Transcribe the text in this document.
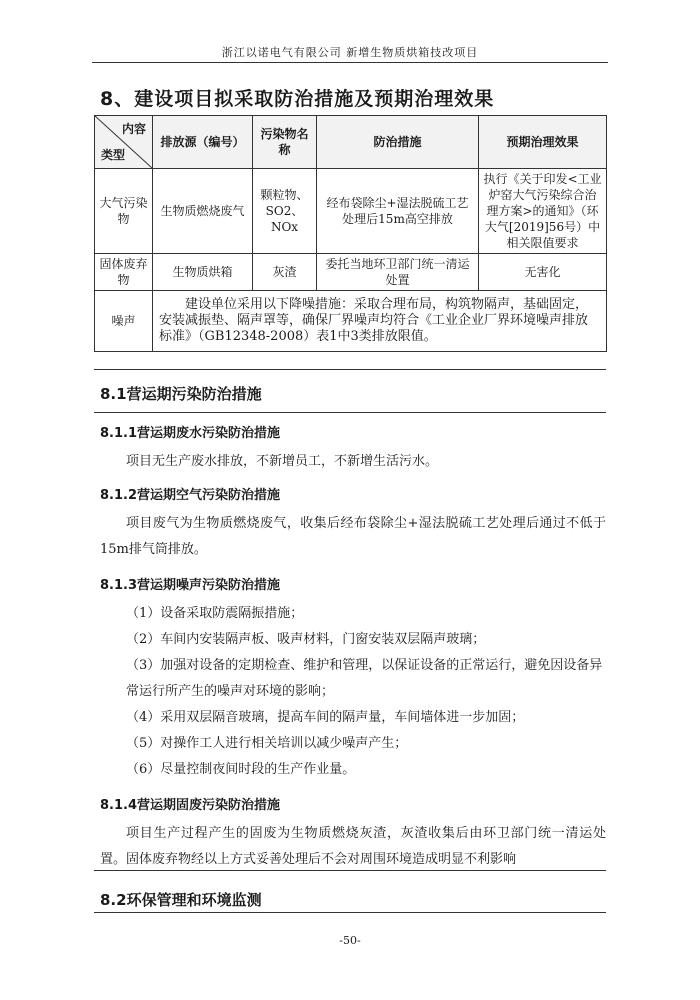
浙江以诺电气有限公司 新增生物质烘箱技改项目
8、建设项目拟采取防治措施及预期治理效果
内容
类型	排放源（编号）	污染物名称	防治措施	预期治理效果
大气污染物	生物质燃烧废气	颗粒物、SO2、NOx	经布袋除尘+湿法脱硫工艺处理后15m高空排放	执行《关于印发<工业炉窑大气污染综合治理方案>的通知》（环大气[2019]56号）中相关限值要求
固体废弃物	生物质烘箱	灰渣	委托当地环卫部门统一清运处置	无害化
噪声	建设单位采用以下降噪措施：采取合理布局，构筑物隔声，基础固定，安装减振垫、隔声罩等，确保厂界噪声均符合《工业企业厂界环境噪声排放标准》（GB12348-2008）表1中3类排放限值。			
8.1营运期污染防治措施
8.1.1营运期废水污染防治措施

项目无生产废水排放，不新增员工，不新增生活污水。

8.1.2营运期空气污染防治措施

项目废气为生物质燃烧废气，收集后经布袋除尘+湿法脱硫工艺处理后通过不低于15m排气筒排放。

8.1.3营运期噪声污染防治措施

（1）设备采取防震隔振措施；

（2）车间内安装隔声板、吸声材料，门窗安装双层隔声玻璃；

（3）加强对设备的定期检查、维护和管理，以保证设备的正常运行，避免因设备异常运行所产生的噪声对环境的影响；

（4）采用双层隔音玻璃，提高车间的隔声量，车间墙体进一步加固；

（5）对操作工人进行相关培训以减少噪声产生；

（6）尽量控制夜间时段的生产作业量。

8.1.4营运期固废污染防治措施

项目生产过程产生的固废为生物质燃烧灰渣，灰渣收集后由环卫部门统一清运处置。固体废弃物经以上方式妥善处理后不会对周围环境造成明显不利影响

8.2环保管理和环境监测
-50-
